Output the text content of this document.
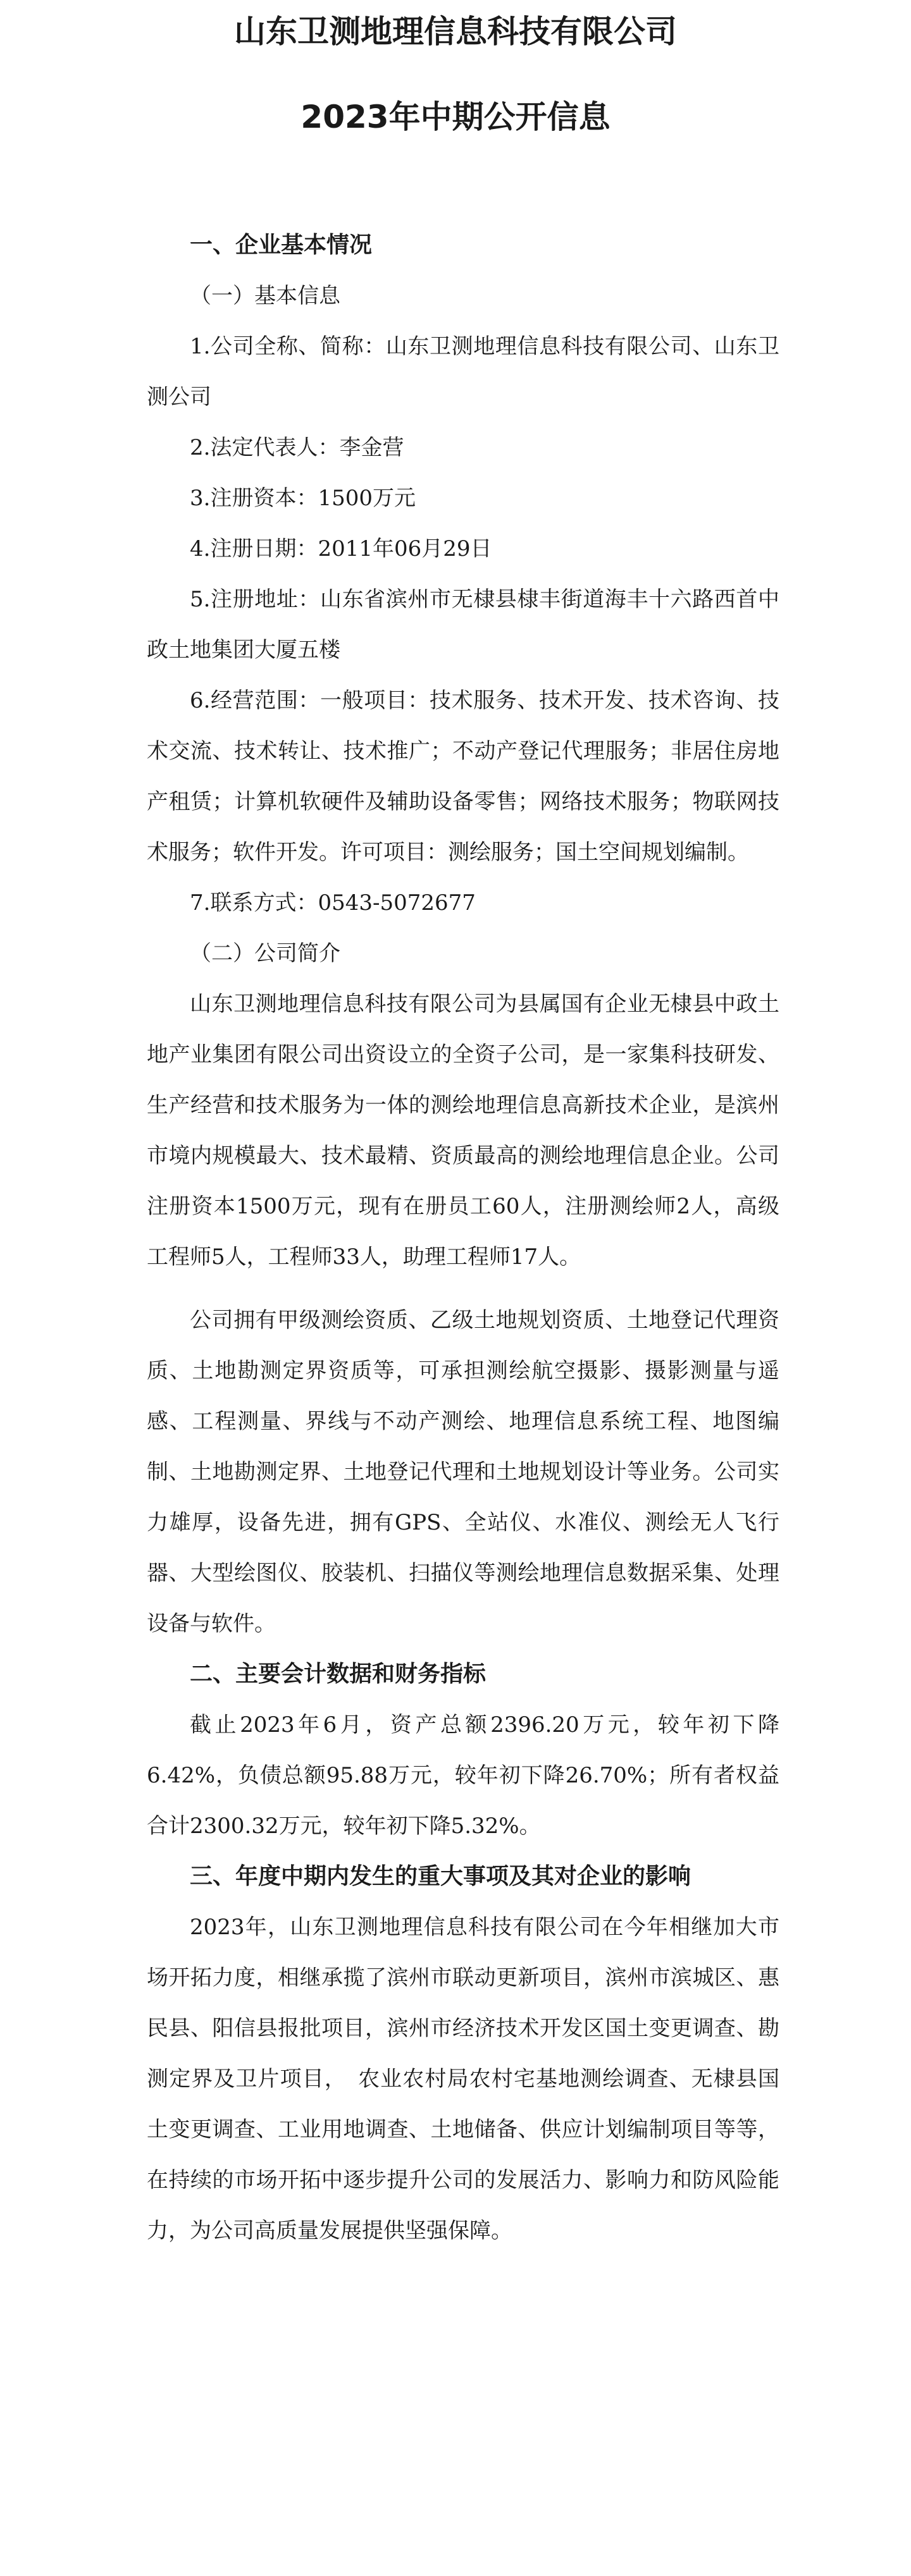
山东卫测地理信息科技有限公司
2023年中期公开信息

一、企业基本情况

（一）基本信息

1.公司全称、简称：山东卫测地理信息科技有限公司、山东卫测公司

2.法定代表人：李金营

3.注册资本：1500万元

4.注册日期：2011年06月29日

5.注册地址：山东省滨州市无棣县棣丰街道海丰十六路西首中政土地集团大厦五楼

6.经营范围：一般项目：技术服务、技术开发、技术咨询、技术交流、技术转让、技术推广；不动产登记代理服务；非居住房地产租赁；计算机软硬件及辅助设备零售；网络技术服务；物联网技术服务；软件开发。许可项目：测绘服务；国土空间规划编制。

7.联系方式：0543-5072677

（二）公司简介

山东卫测地理信息科技有限公司为县属国有企业无棣县中政土地产业集团有限公司出资设立的全资子公司，是一家集科技研发、生产经营和技术服务为一体的测绘地理信息高新技术企业，是滨州市境内规模最大、技术最精、资质最高的测绘地理信息企业。公司注册资本1500万元，现有在册员工60人，注册测绘师2人，高级工程师5人，工程师33人，助理工程师17人。

公司拥有甲级测绘资质、乙级土地规划资质、土地登记代理资质、土地勘测定界资质等，可承担测绘航空摄影、摄影测量与遥感、工程测量、界线与不动产测绘、地理信息系统工程、地图编制、土地勘测定界、土地登记代理和土地规划设计等业务。公司实力雄厚，设备先进，拥有GPS、全站仪、水准仪、测绘无人飞行器、大型绘图仪、胶装机、扫描仪等测绘地理信息数据采集、处理设备与软件。

二、主要会计数据和财务指标

截止2023年6月，资产总额2396.20万元，较年初下降6.42%，负债总额95.88万元，较年初下降26.70%；所有者权益合计2300.32万元，较年初下降5.32%。

三、年度中期内发生的重大事项及其对企业的影响

2023年，山东卫测地理信息科技有限公司在今年相继加大市场开拓力度，相继承揽了滨州市联动更新项目，滨州市滨城区、惠民县、阳信县报批项目，滨州市经济技术开发区国土变更调查、勘测定界及卫片项目，　农业农村局农村宅基地测绘调查、无棣县国土变更调查、工业用地调查、土地储备、供应计划编制项目等等，在持续的市场开拓中逐步提升公司的发展活力、影响力和防风险能力，为公司高质量发展提供坚强保障。
